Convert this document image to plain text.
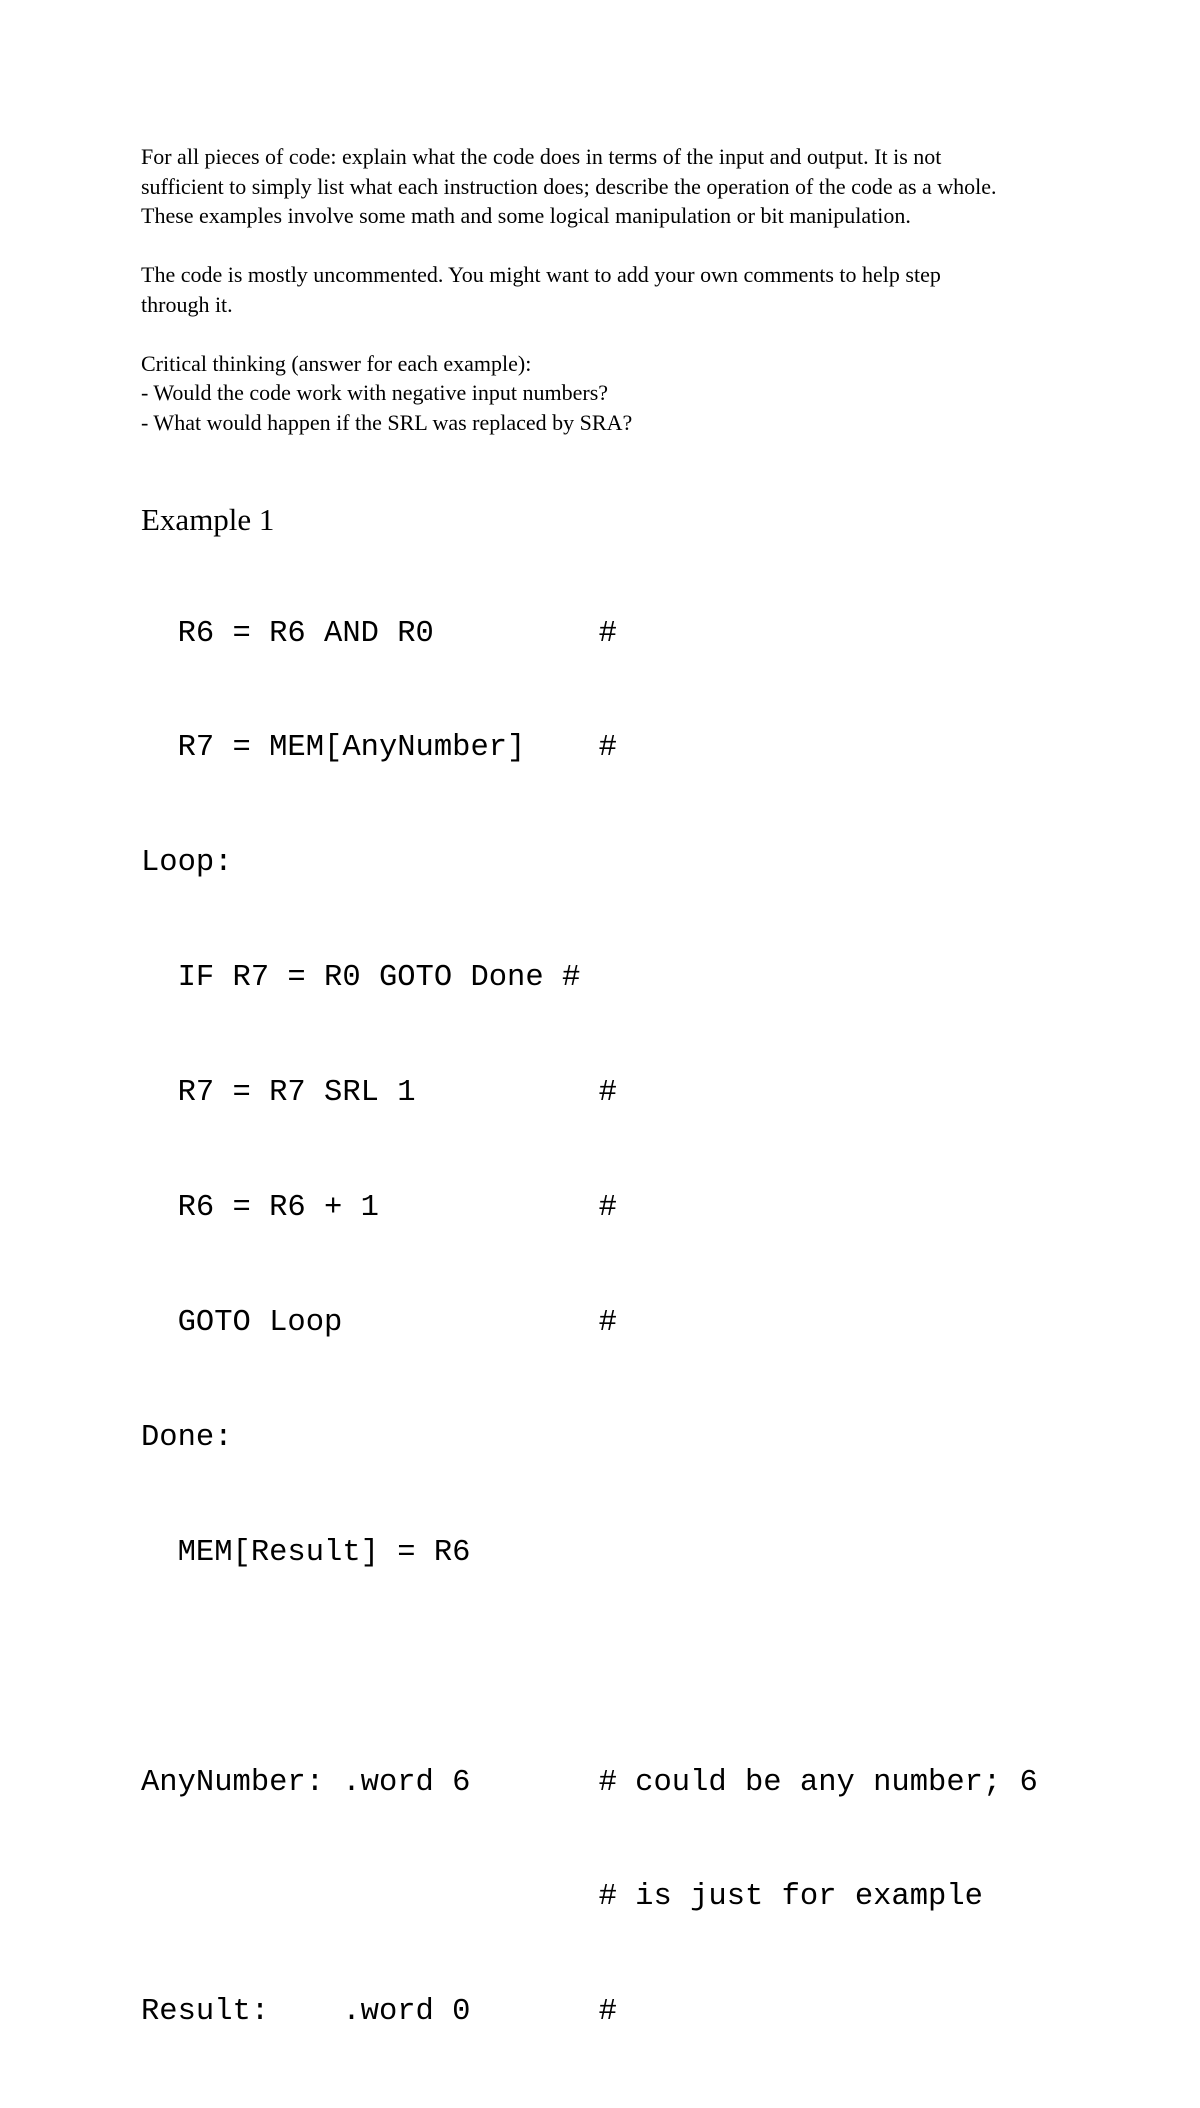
For all pieces of code: explain what the code does in terms of the input and output. It is not
sufficient to simply list what each instruction does; describe the operation of the code as a whole.
These examples involve some math and some logical manipulation or bit manipulation.
The code is mostly uncommented. You might want to add your own comments to help step
through it.
Critical thinking (answer for each example):
- Would the code work with negative input numbers?
- What would happen if the SRL was replaced by SRA?
Example 1

R6 = R6 AND R0         #

R7 = MEM[AnyNumber]    #

Loop:

IF R7 = R0 GOTO Done #

R7 = R7 SRL 1          #

R6 = R6 + 1            #

GOTO Loop              #

Done:

MEM[Result] = R6

AnyNumber: .word 6       # could be any number; 6

# is just for example

Result:    .word 0       #
